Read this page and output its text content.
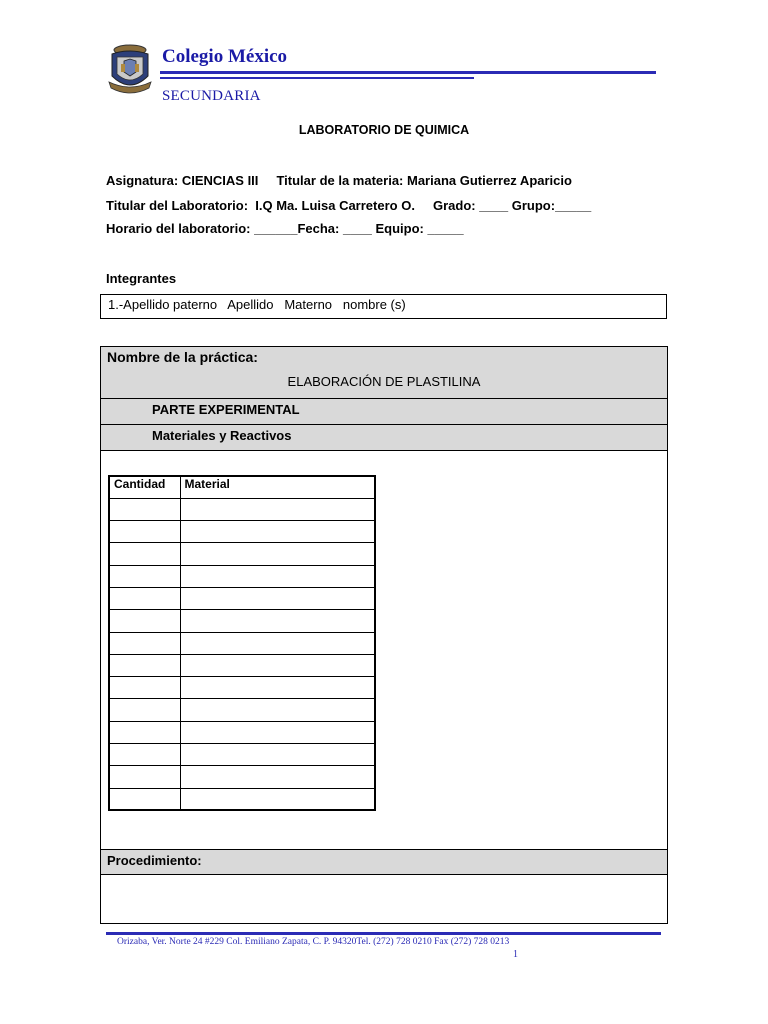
Colegio México
SECUNDARIA
LABORATORIO DE QUIMICA
Asignatura: CIENCIAS III     Titular de la materia: Mariana Gutierrez Aparicio
Titular del Laboratorio:  I.Q Ma. Luisa Carretero O.     Grado: ____ Grupo:_____
Horario del laboratorio: ______Fecha: ____ Equipo: _____
Integrantes
1.-Apellido paterno   Apellido   Materno   nombre (s)
Nombre de la práctica:
ELABORACIÓN DE PLASTILINA
PARTE EXPERIMENTAL
Materiales y Reactivos
Cantidad	Material

Procedimiento:
Orizaba, Ver. Norte 24 #229 Col. Emiliano Zapata, C. P. 94320Tel. (272) 728 0210 Fax (272) 728 0213
1
